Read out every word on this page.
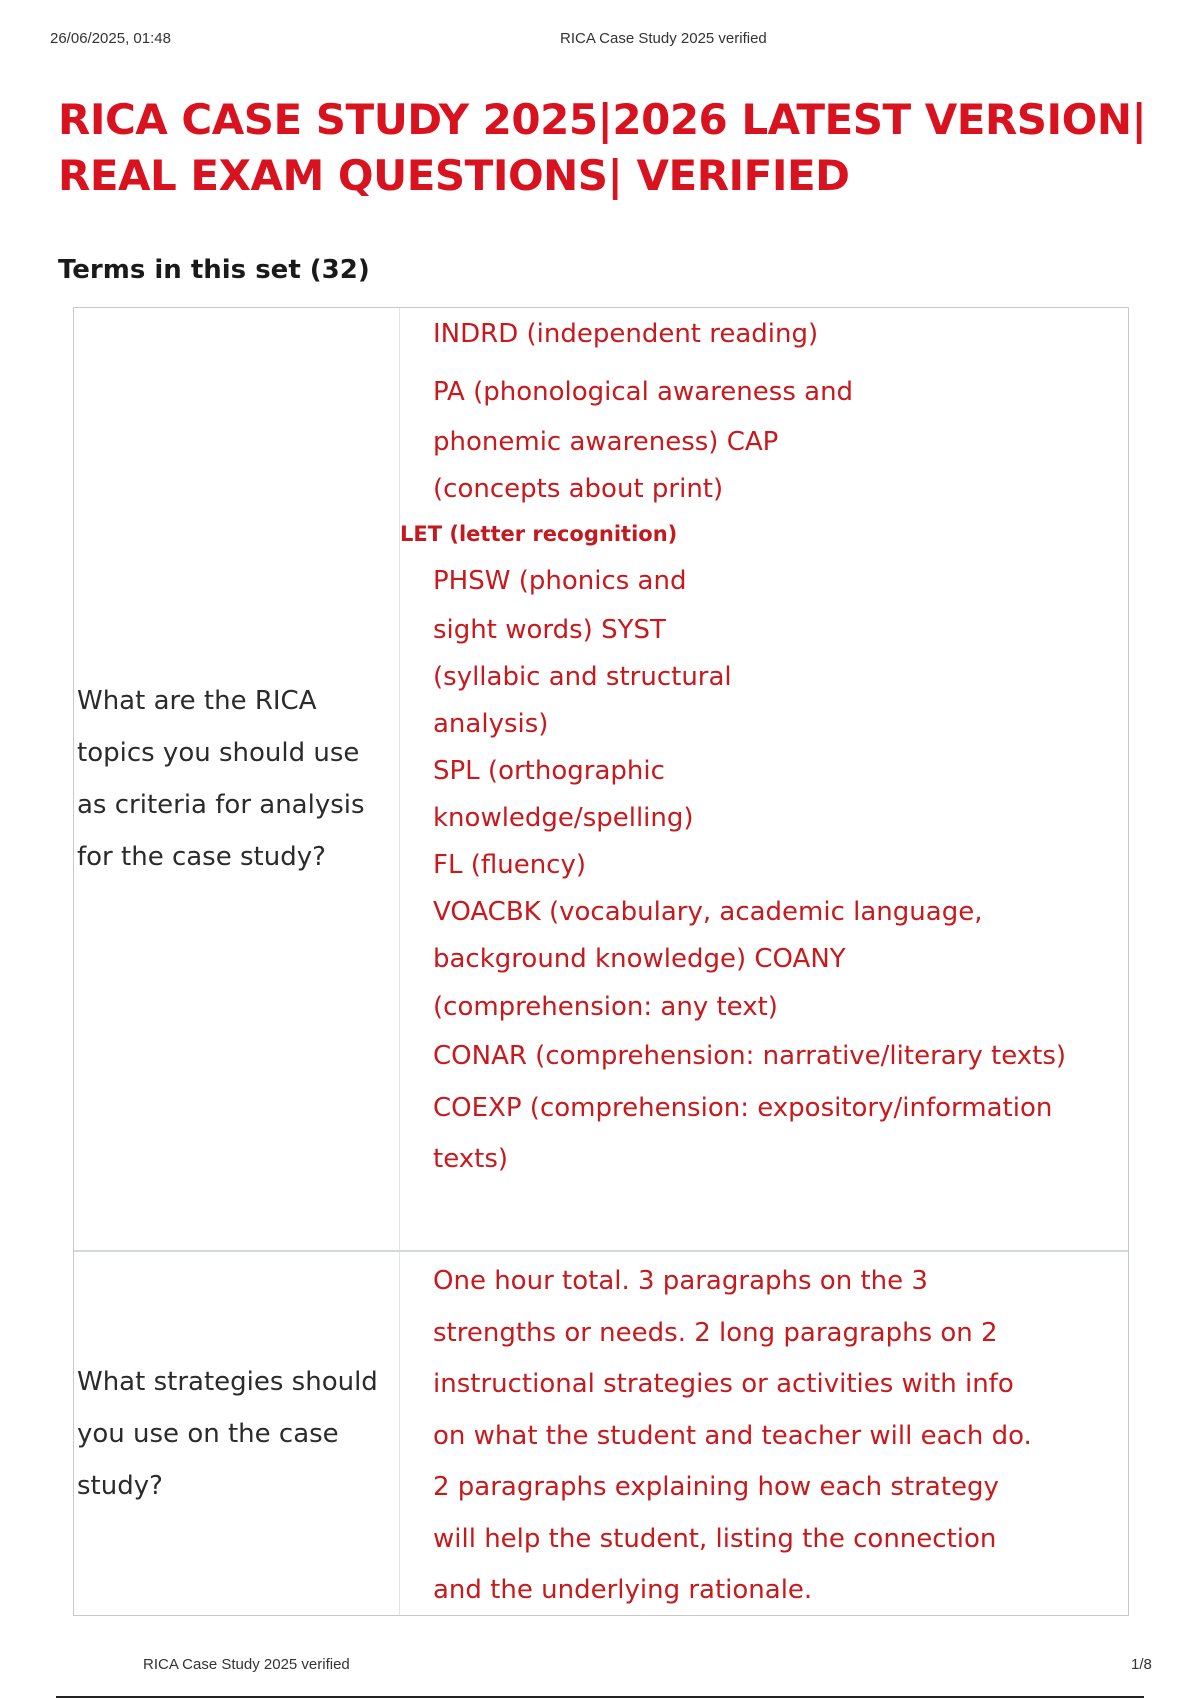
26/06/2025, 01:48	RICA Case Study 2025 verified
RICA CASE STUDY 2025|2026 LATEST VERSION|
REAL EXAM QUESTIONS| VERIFIED
Terms in this set (32)
What are the RICA
topics you should use
as criteria for analysis
for the case study?
INDRD (independent reading)
PA (phonological awareness and
phonemic awareness) CAP
(concepts about print)
LET (letter recognition)
PHSW (phonics and
sight words) SYST
(syllabic and structural
analysis)
SPL (orthographic
knowledge/spelling)
FL (fluency)
VOACBK (vocabulary, academic language,
background knowledge) COANY
(comprehension: any text)
CONAR (comprehension: narrative/literary texts)
COEXP (comprehension: expository/information
texts)
What strategies should
you use on the case
study?
One hour total. 3 paragraphs on the 3
strengths or needs. 2 long paragraphs on 2
instructional strategies or activities with info
on what the student and teacher will each do.
2 paragraphs explaining how each strategy
will help the student, listing the connection
and the underlying rationale.
RICA Case Study 2025 verified	1/8
